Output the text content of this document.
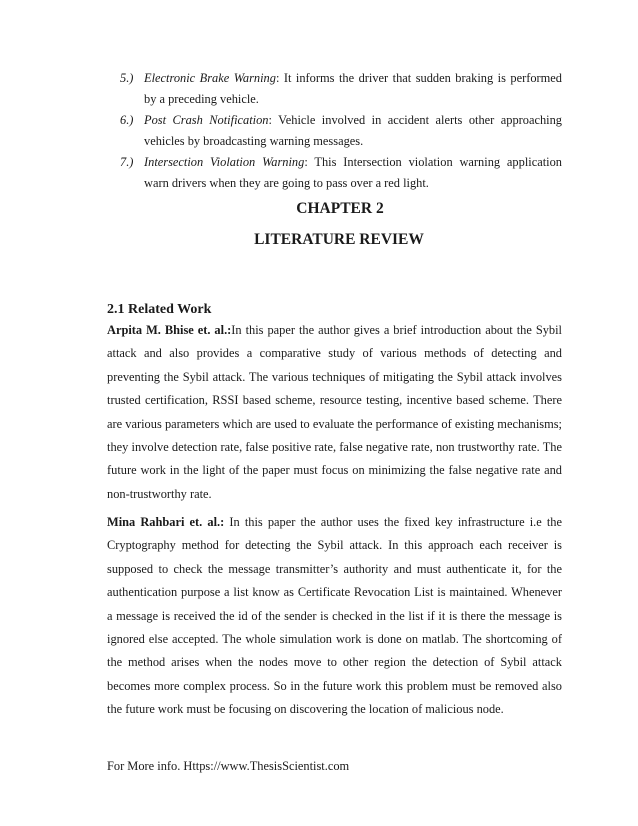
5.) Electronic Brake Warning: It informs the driver that sudden braking is performed by a preceding vehicle.
6.) Post Crash Notification: Vehicle involved in accident alerts other approaching vehicles by broadcasting warning messages.
7.) Intersection Violation Warning: This Intersection violation warning application warn drivers when they are going to pass over a red light.
CHAPTER 2
LITERATURE REVIEW
2.1 Related Work
Arpita M. Bhise et. al.:In this paper the author gives a brief introduction about the Sybil attack and also provides a comparative study of various methods of detecting and preventing the Sybil attack. The various techniques of mitigating the Sybil attack involves trusted certification, RSSI based scheme, resource testing, incentive based scheme. There are various parameters which are used to evaluate the performance of existing mechanisms; they involve detection rate, false positive rate, false negative rate, non trustworthy rate. The future work in the light of the paper must focus on minimizing the false negative rate and non-trustworthy rate.
Mina Rahbari et. al.: In this paper the author uses the fixed key infrastructure i.e the Cryptography method for detecting the Sybil attack. In this approach each receiver is supposed to check the message transmitter’s authority and must authenticate it, for the authentication purpose a list know as Certificate Revocation List is maintained. Whenever a message is received the id of the sender is checked in the list if it is there the message is ignored else accepted. The whole simulation work is done on matlab. The shortcoming of the method arises when the nodes move to other region the detection of Sybil attack becomes more complex process. So in the future work this problem must be removed also the future work must be focusing on discovering the location of malicious node.
For More info. Https://www.ThesisScientist.com
